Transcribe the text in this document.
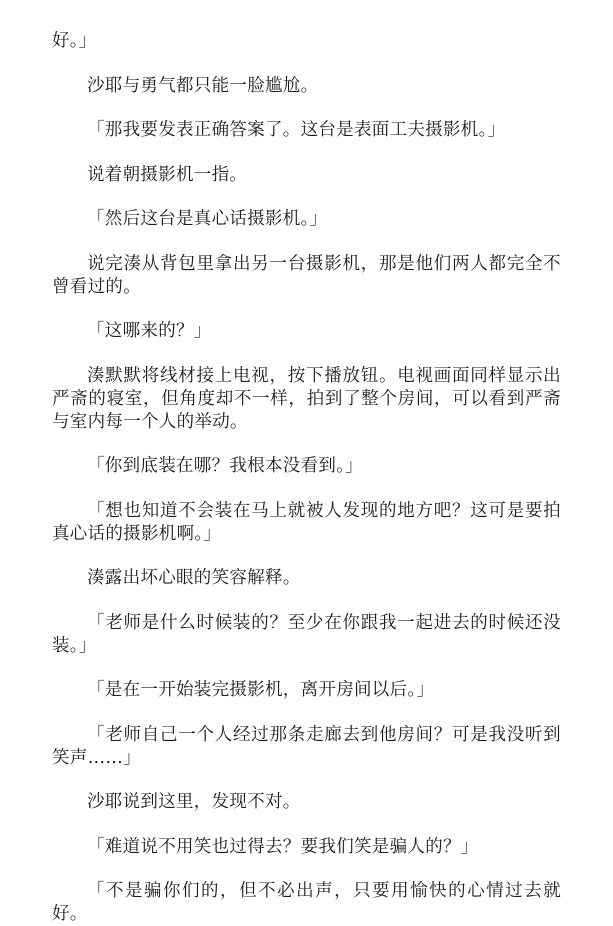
好。」

沙耶与勇气都只能一脸尴尬。

「那我要发表正确答案了。这台是表面工夫摄影机。」

说着朝摄影机一指。

「然后这台是真心话摄影机。」

说完湊从背包里拿出另一台摄影机，那是他们两人都完全不曾看过的。

「这哪来的？」

湊默默将线材接上电视，按下播放钮。电视画面同样显示出严斋的寝室，但角度却不一样，拍到了整个房间，可以看到严斋与室内每一个人的举动。

「你到底装在哪？我根本没看到。」

「想也知道不会装在马上就被人发现的地方吧？这可是要拍真心话的摄影机啊。」

湊露出坏心眼的笑容解释。

「老师是什么时候装的？至少在你跟我一起进去的时候还没装。」

「是在一开始装完摄影机，离开房间以后。」

「老师自己一个人经过那条走廊去到他房间？可是我没听到笑声……」

沙耶说到这里，发现不对。

「难道说不用笑也过得去？要我们笑是骗人的？」

「不是骗你们的，但不必出声，只要用愉快的心情过去就好。
